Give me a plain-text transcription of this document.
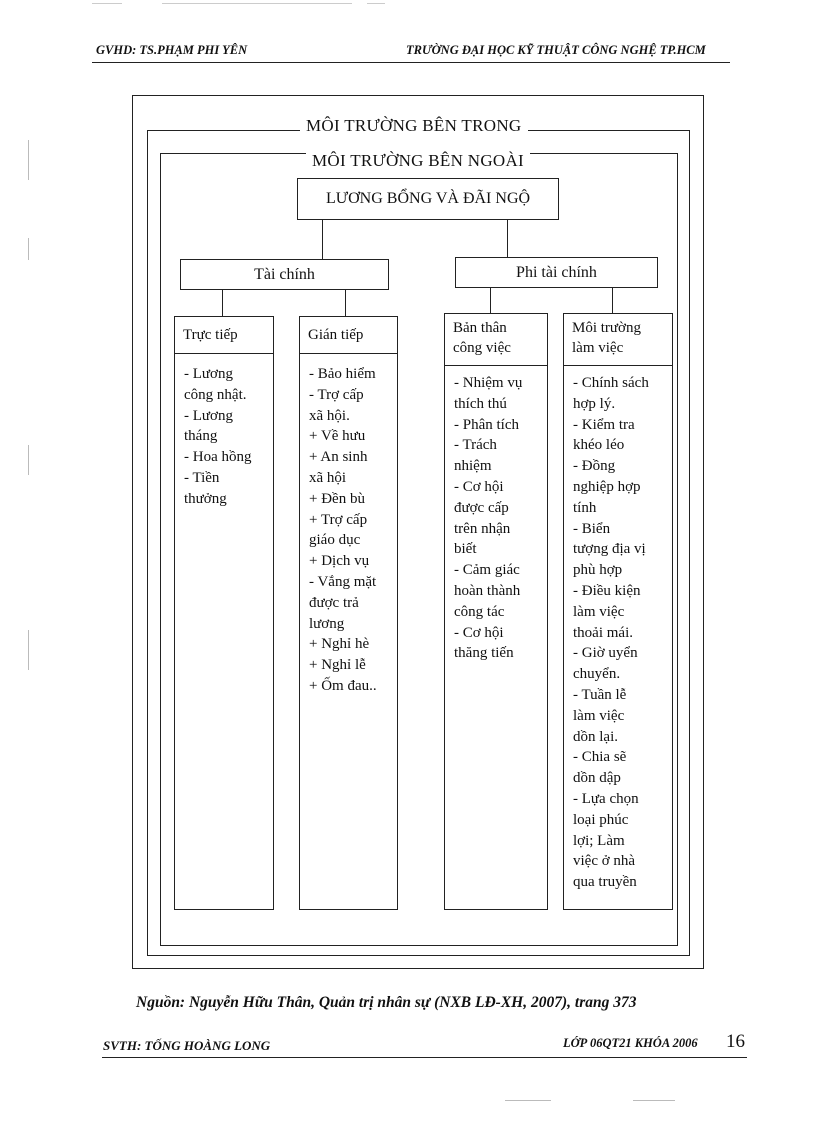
GVHD: TS.PHẠM PHI YÊN	TRƯỜNG ĐẠI HỌC KỸ THUẬT CÔNG NGHỆ TP.HCM
MÔI TRƯỜNG BÊN TRONG
MÔI TRƯỜNG BÊN NGOÀI
LƯƠNG BỔNG VÀ ĐÃI NGỘ
Tài chính	Phi tài chính
Trực tiếp
- Lương
công nhật.
- Lương
tháng
- Hoa hồng
- Tiền
thưởng
Gián tiếp
- Bảo hiểm
- Trợ cấp
xã hội.
+ Về hưu
+ An sinh
xã hội
+ Đền bù
+ Trợ cấp
giáo dục
+ Dịch vụ
- Vắng mặt
được trả
lương
+ Nghỉ hè
+ Nghỉ lễ
+ Ốm đau..
Bản thân
công việc
- Nhiệm vụ
thích thú
- Phân tích
- Trách
nhiệm
- Cơ hội
được cấp
trên nhận
biết
- Cảm giác
hoàn thành
công tác
- Cơ hội
thăng tiến
Môi trường
làm việc
- Chính sách
hợp lý.
- Kiểm tra
khéo léo
- Đồng
nghiệp hợp
tính
- Biển
tượng địa vị
phù hợp
- Điều kiện
làm việc
thoải mái.
- Giờ uyển
chuyển.
- Tuần lễ
làm việc
dồn lại.
- Chia sẽ
dồn dập
- Lựa chọn
loại phúc
lợi; Làm
việc ở nhà
qua truyền
Nguồn: Nguyễn Hữu Thân, Quản trị nhân sự (NXB LĐ-XH, 2007), trang 373
SVTH: TỐNG HOÀNG LONG	LỚP 06QT21 KHÓA 2006 16
